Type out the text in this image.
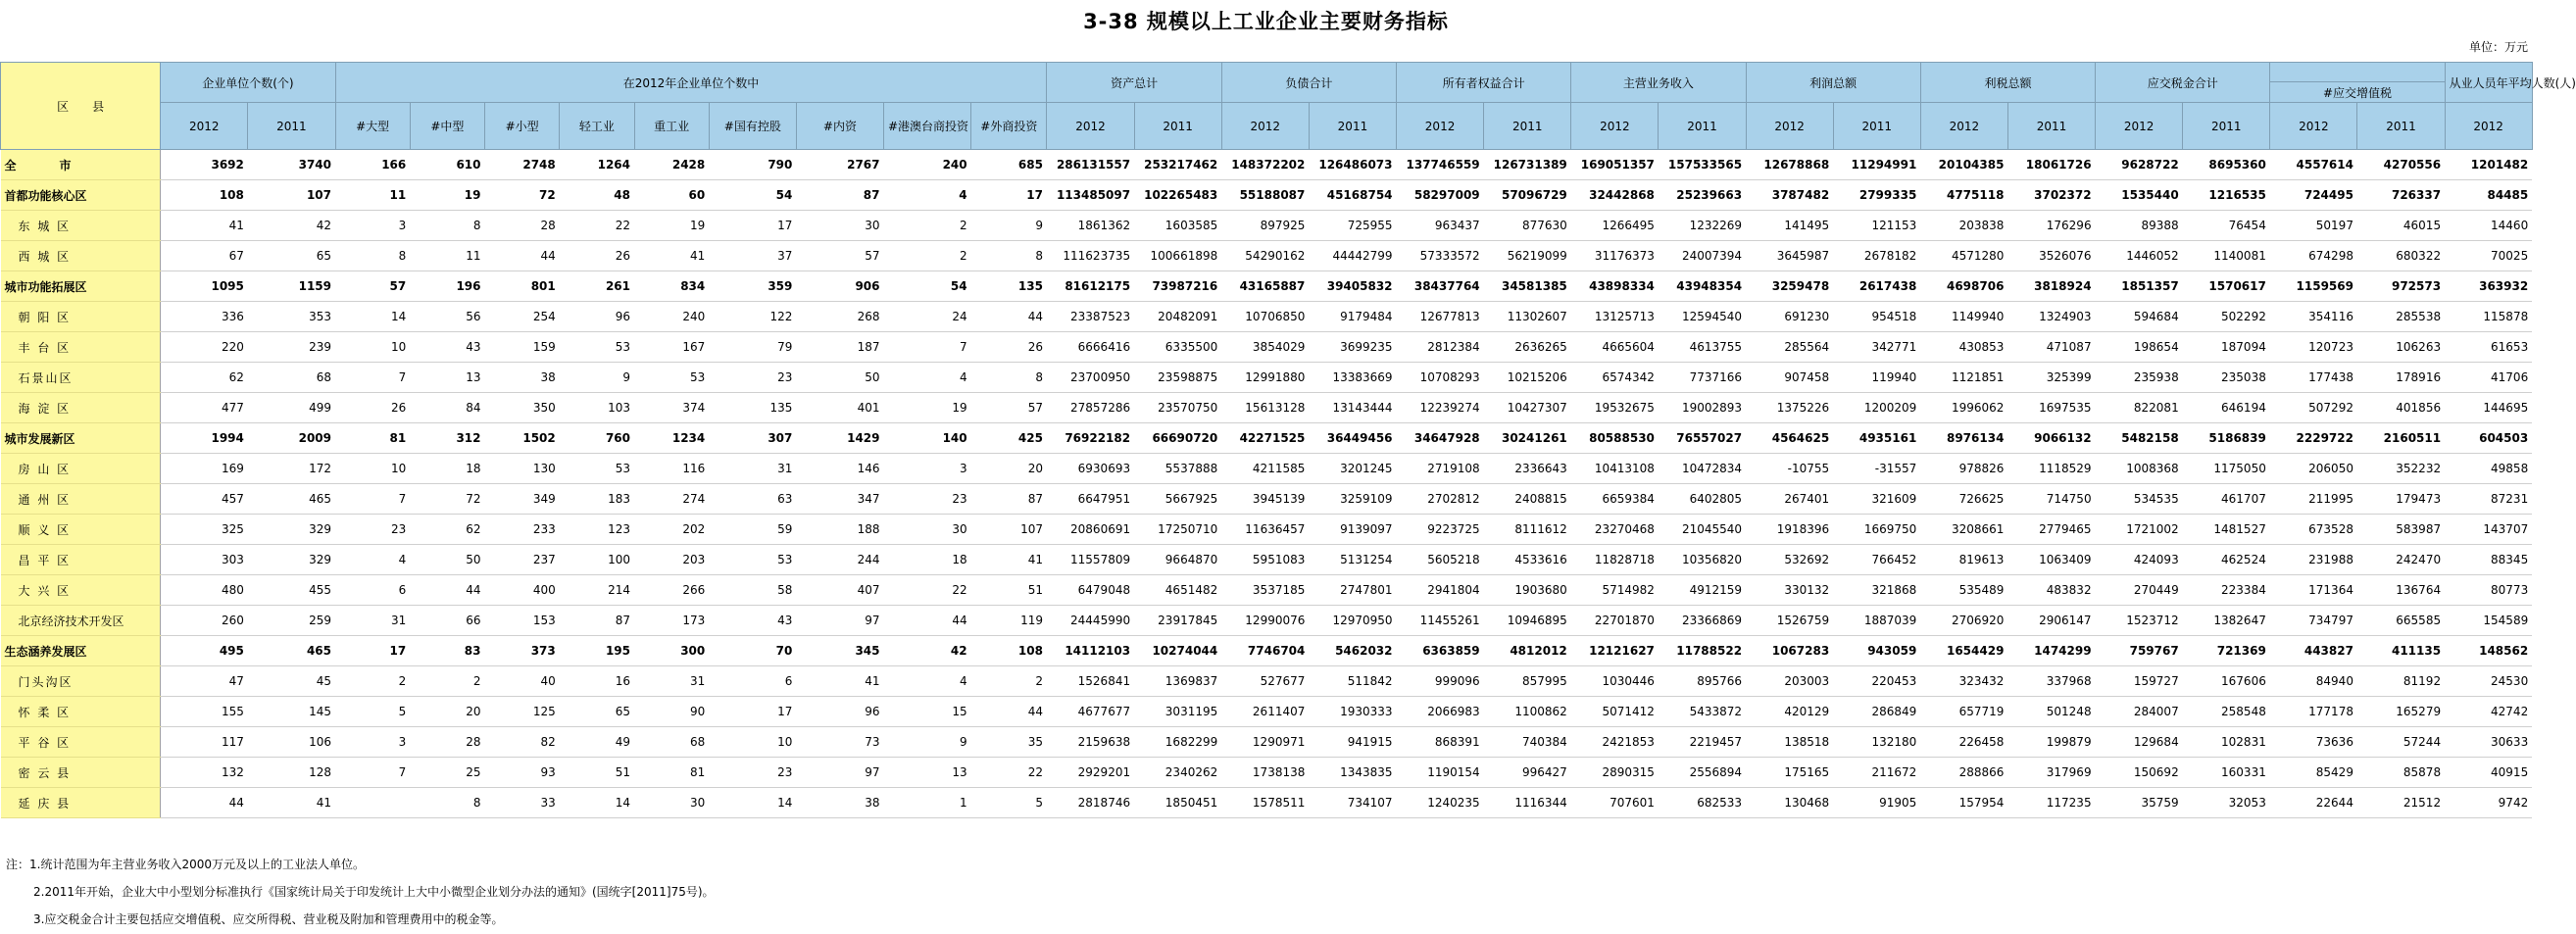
3-38 规模以上工业企业主要财务指标
单位：万元
区　　县	企业单位个数(个)		在2012年企业单位个数中									资产总计		负债合计		所有者权益合计		主营业务收入		利润总额		利税总额		应交税金合计				从业人员年平均人数(人)	
																										#应交增值税			
	2012	2011	#大型	#中型	#小型	轻工业	重工业	#国有控股	#内资	#港澳台商投资	#外商投资	2012	2011	2012	2011	2012	2011	2012	2011	2012	2011	2012	2011	2012	2011	2012	2011	2012	
全　市	3692	3740	166	610	2748	1264	2428	790	2767	240	685	286131557	253217462	148372202	126486073	137746559	126731389	169051357	157533565	12678868	11294991	20104385	18061726	9628722	8695360	4557614	4270556	1201482	
首都功能核心区	108	107	11	19	72	48	60	54	87	4	17	113485097	102265483	55188087	45168754	58297009	57096729	32442868	25239663	3787482	2799335	4775118	3702372	1535440	1216535	724495	726337	84485	
东 城 区	41	42	3	8	28	22	19	17	30	2	9	1861362	1603585	897925	725955	963437	877630	1266495	1232269	141495	121153	203838	176296	89388	76454	50197	46015	14460	
西 城 区	67	65	8	11	44	26	41	37	57	2	8	111623735	100661898	54290162	44442799	57333572	56219099	31176373	24007394	3645987	2678182	4571280	3526076	1446052	1140081	674298	680322	70025	
城市功能拓展区	1095	1159	57	196	801	261	834	359	906	54	135	81612175	73987216	43165887	39405832	38437764	34581385	43898334	43948354	3259478	2617438	4698706	3818924	1851357	1570617	1159569	972573	363932	
朝 阳 区	336	353	14	56	254	96	240	122	268	24	44	23387523	20482091	10706850	9179484	12677813	11302607	13125713	12594540	691230	954518	1149940	1324903	594684	502292	354116	285538	115878	
丰 台 区	220	239	10	43	159	53	167	79	187	7	26	6666416	6335500	3854029	3699235	2812384	2636265	4665604	4613755	285564	342771	430853	471087	198654	187094	120723	106263	61653	
石景山区	62	68	7	13	38	9	53	23	50	4	8	23700950	23598875	12991880	13383669	10708293	10215206	6574342	7737166	907458	119940	1121851	325399	235938	235038	177438	178916	41706	
海 淀 区	477	499	26	84	350	103	374	135	401	19	57	27857286	23570750	15613128	13143444	12239274	10427307	19532675	19002893	1375226	1200209	1996062	1697535	822081	646194	507292	401856	144695	
城市发展新区	1994	2009	81	312	1502	760	1234	307	1429	140	425	76922182	66690720	42271525	36449456	34647928	30241261	80588530	76557027	4564625	4935161	8976134	9066132	5482158	5186839	2229722	2160511	604503	
房 山 区	169	172	10	18	130	53	116	31	146	3	20	6930693	5537888	4211585	3201245	2719108	2336643	10413108	10472834	-10755	-31557	978826	1118529	1008368	1175050	206050	352232	49858	
通 州 区	457	465	7	72	349	183	274	63	347	23	87	6647951	5667925	3945139	3259109	2702812	2408815	6659384	6402805	267401	321609	726625	714750	534535	461707	211995	179473	87231	
顺 义 区	325	329	23	62	233	123	202	59	188	30	107	20860691	17250710	11636457	9139097	9223725	8111612	23270468	21045540	1918396	1669750	3208661	2779465	1721002	1481527	673528	583987	143707	
昌 平 区	303	329	4	50	237	100	203	53	244	18	41	11557809	9664870	5951083	5131254	5605218	4533616	11828718	10356820	532692	766452	819613	1063409	424093	462524	231988	242470	88345	
大 兴 区	480	455	6	44	400	214	266	58	407	22	51	6479048	4651482	3537185	2747801	2941804	1903680	5714982	4912159	330132	321868	535489	483832	270449	223384	171364	136764	80773	
北京经济技术开发区	260	259	31	66	153	87	173	43	97	44	119	24445990	23917845	12990076	12970950	11455261	10946895	22701870	23366869	1526759	1887039	2706920	2906147	1523712	1382647	734797	665585	154589	
生态涵养发展区	495	465	17	83	373	195	300	70	345	42	108	14112103	10274044	7746704	5462032	6363859	4812012	12121627	11788522	1067283	943059	1654429	1474299	759767	721369	443827	411135	148562	
门头沟区	47	45	2	2	40	16	31	6	41	4	2	1526841	1369837	527677	511842	999096	857995	1030446	895766	203003	220453	323432	337968	159727	167606	84940	81192	24530	
怀 柔 区	155	145	5	20	125	65	90	17	96	15	44	4677677	3031195	2611407	1930333	2066983	1100862	5071412	5433872	420129	286849	657719	501248	284007	258548	177178	165279	42742	
平 谷 区	117	106	3	28	82	49	68	10	73	9	35	2159638	1682299	1290971	941915	868391	740384	2421853	2219457	138518	132180	226458	199879	129684	102831	73636	57244	30633	
密 云 县	132	128	7	25	93	51	81	23	97	13	22	2929201	2340262	1738138	1343835	1190154	996427	2890315	2556894	175165	211672	288866	317969	150692	160331	85429	85878	40915	
延 庆 县	44	41		8	33	14	30	14	38	1	5	2818746	1850451	1578511	734107	1240235	1116344	707601	682533	130468	91905	157954	117235	35759	32053	22644	21512	9742	
注：1.统计范围为年主营业务收入2000万元及以上的工业法人单位。
2.2011年开始，企业大中小型划分标准执行《国家统计局关于印发统计上大中小微型企业划分办法的通知》(国统字[2011]75号)。
3.应交税金合计主要包括应交增值税、应交所得税、营业税及附加和管理费用中的税金等。
